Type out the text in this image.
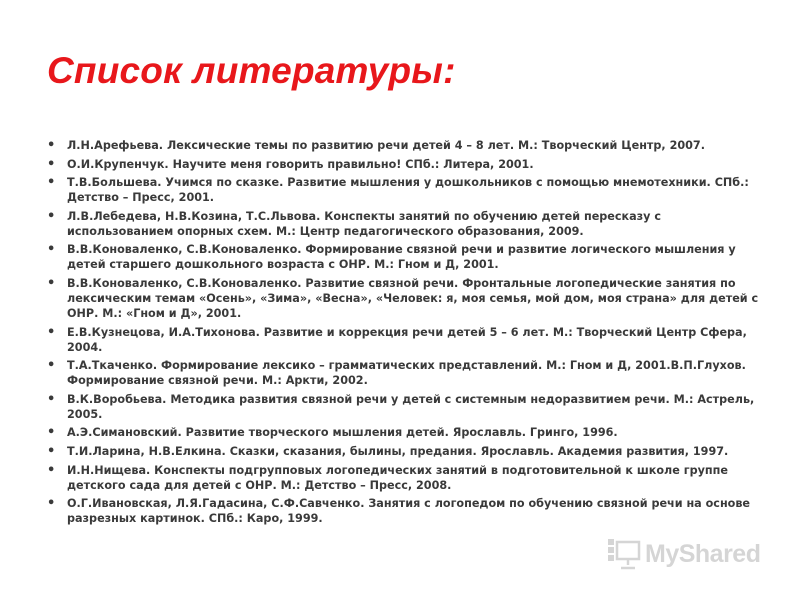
Список литературы:
• Л.Н.Арефьева. Лексические темы по развитию речи детей 4 – 8 лет. М.: Творческий Центр, 2007.
• О.И.Крупенчук. Научите меня говорить правильно! СПб.: Литера, 2001.
• Т.В.Большева. Учимся по сказке. Развитие мышления у дошкольников с помощью мнемотехники. СПб.: Детство – Пресс, 2001.
• Л.В.Лебедева, Н.В.Козина, Т.С.Львова. Конспекты занятий по обучению детей пересказу с использованием опорных схем. М.: Центр педагогического образования, 2009.
• В.В.Коноваленко, С.В.Коноваленко. Формирование связной речи и развитие логического мышления у детей старшего дошкольного возраста с ОНР. М.: Гном и Д, 2001.
• В.В.Коноваленко, С.В.Коноваленко. Развитие связной речи. Фронтальные логопедические занятия по лексическим темам «Осень», «Зима», «Весна», «Человек: я, моя семья, мой дом, моя страна» для детей с ОНР. М.: «Гном и Д», 2001.
• Е.В.Кузнецова, И.А.Тихонова. Развитие и коррекция речи детей 5 – 6 лет. М.: Творческий Центр Сфера, 2004.
• Т.А.Ткаченко. Формирование лексико – грамматических представлений. М.: Гном и Д, 2001.В.П.Глухов. Формирование связной речи. М.: Аркти, 2002.
• В.К.Воробьева. Методика развития связной речи у детей с системным недоразвитием речи. М.: Астрель, 2005.
• А.Э.Симановский. Развитие творческого мышления детей. Ярославль. Гринго, 1996.
• Т.И.Ларина, Н.В.Елкина. Сказки, сказания, былины, предания. Ярославль. Академия развития, 1997.
• И.Н.Нищева. Конспекты подгрупповых логопедических занятий в подготовительной к школе группе детского сада для детей с ОНР. М.: Детство – Пресс, 2008.
• О.Г.Ивановская, Л.Я.Гадасина, С.Ф.Савченко. Занятия с логопедом по обучению связной речи на основе разрезных картинок. СПб.: Каро, 1999.
MyShared
